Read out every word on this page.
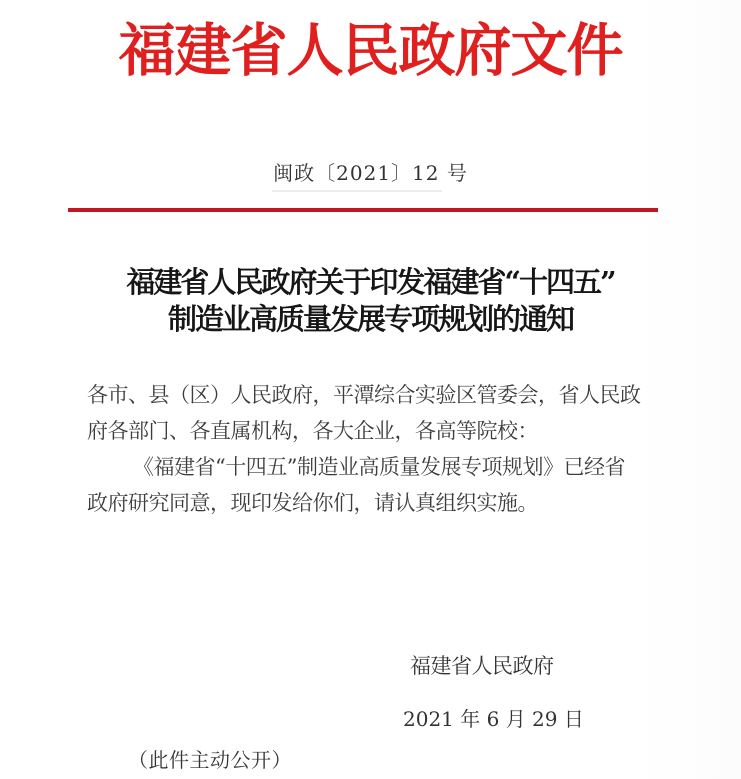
福建省人民政府文件
闽政〔2021〕12 号
福建省人民政府关于印发福建省“十四五”
制造业高质量发展专项规划的通知
各市、县（区）人民政府，平潭综合实验区管委会，省人民政
府各部门、各直属机构，各大企业，各高等院校：
《福建省“十四五”制造业高质量发展专项规划》已经省
政府研究同意，现印发给你们，请认真组织实施。
福建省人民政府
2021 年 6 月 29 日
（此件主动公开）
